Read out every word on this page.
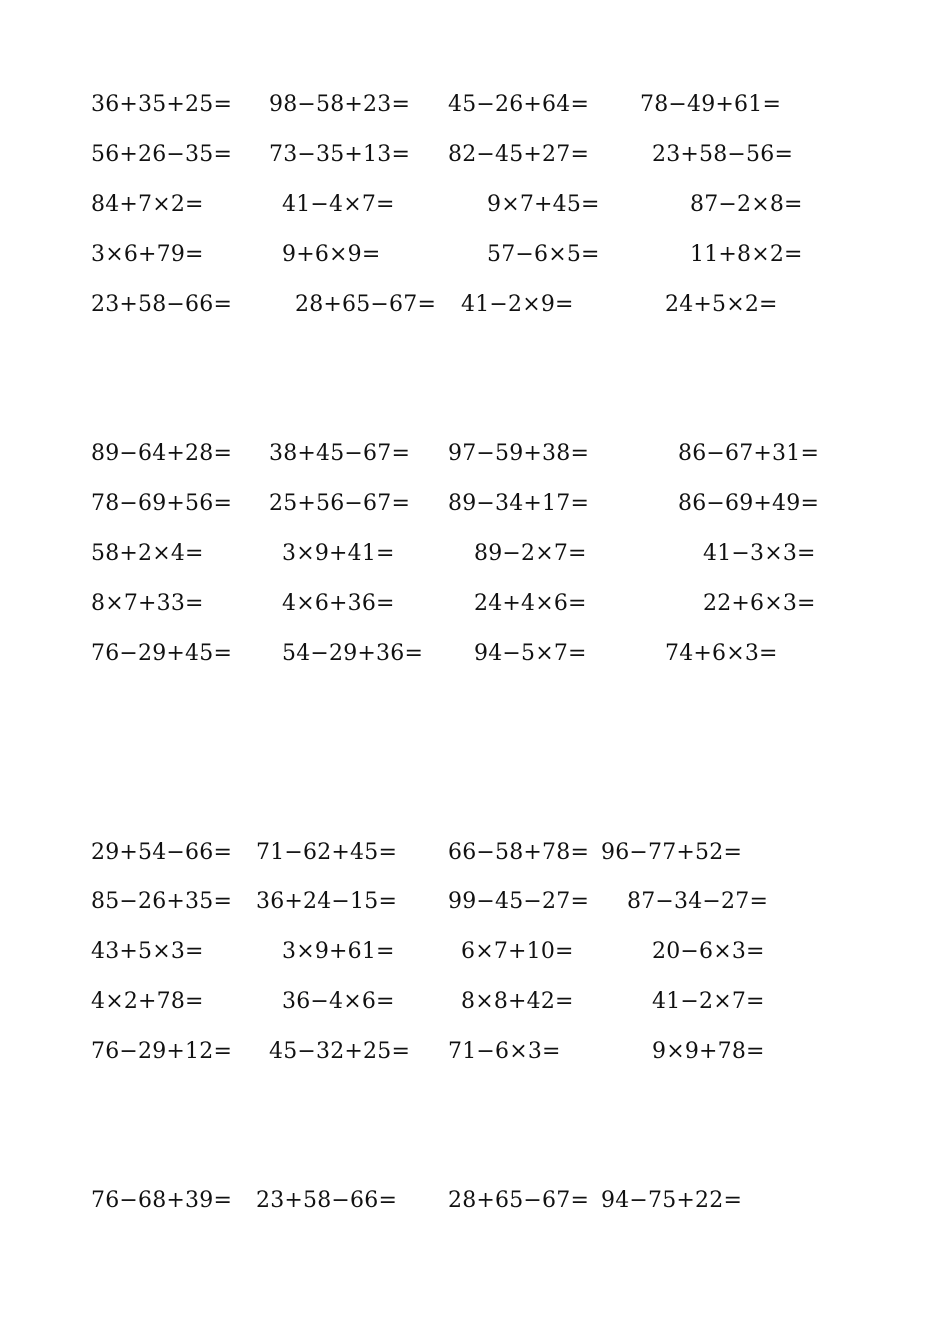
36+35+25= 98−58+23= 45−26+64= 78−49+61=
56+26−35= 73−35+13= 82−45+27=	23+58−56=
84+7×2=	41−4×7=	9×7+45=	87−2×8=
3×6+79=	9+6×9=	57−6×5=	11+8×2=
23+58−66=	28+65−67= 41−2×9=	24+5×2=
89−64+28= 38+45−67= 97−59+38=	86−67+31=
78−69+56= 25+56−67= 89−34+17=	86−69+49=
58+2×4=	3×9+41=	89−2×7=	41−3×3=
8×7+33=	4×6+36=	24+4×6=	22+6×3=
76−29+45= 54−29+36= 94−5×7=	74+6×3=
29+54−66= 71−62+45= 66−58+78= 96−77+52=
85−26+35= 36+24−15= 99−45−27= 87−34−27=
43+5×3=	3×9+61=	6×7+10=	20−6×3=
4×2+78=	36−4×6=	8×8+42=	41−2×7=
76−29+12= 45−32+25= 71−6×3=	9×9+78=
76−68+39= 23+58−66= 28+65−67= 94−75+22=
